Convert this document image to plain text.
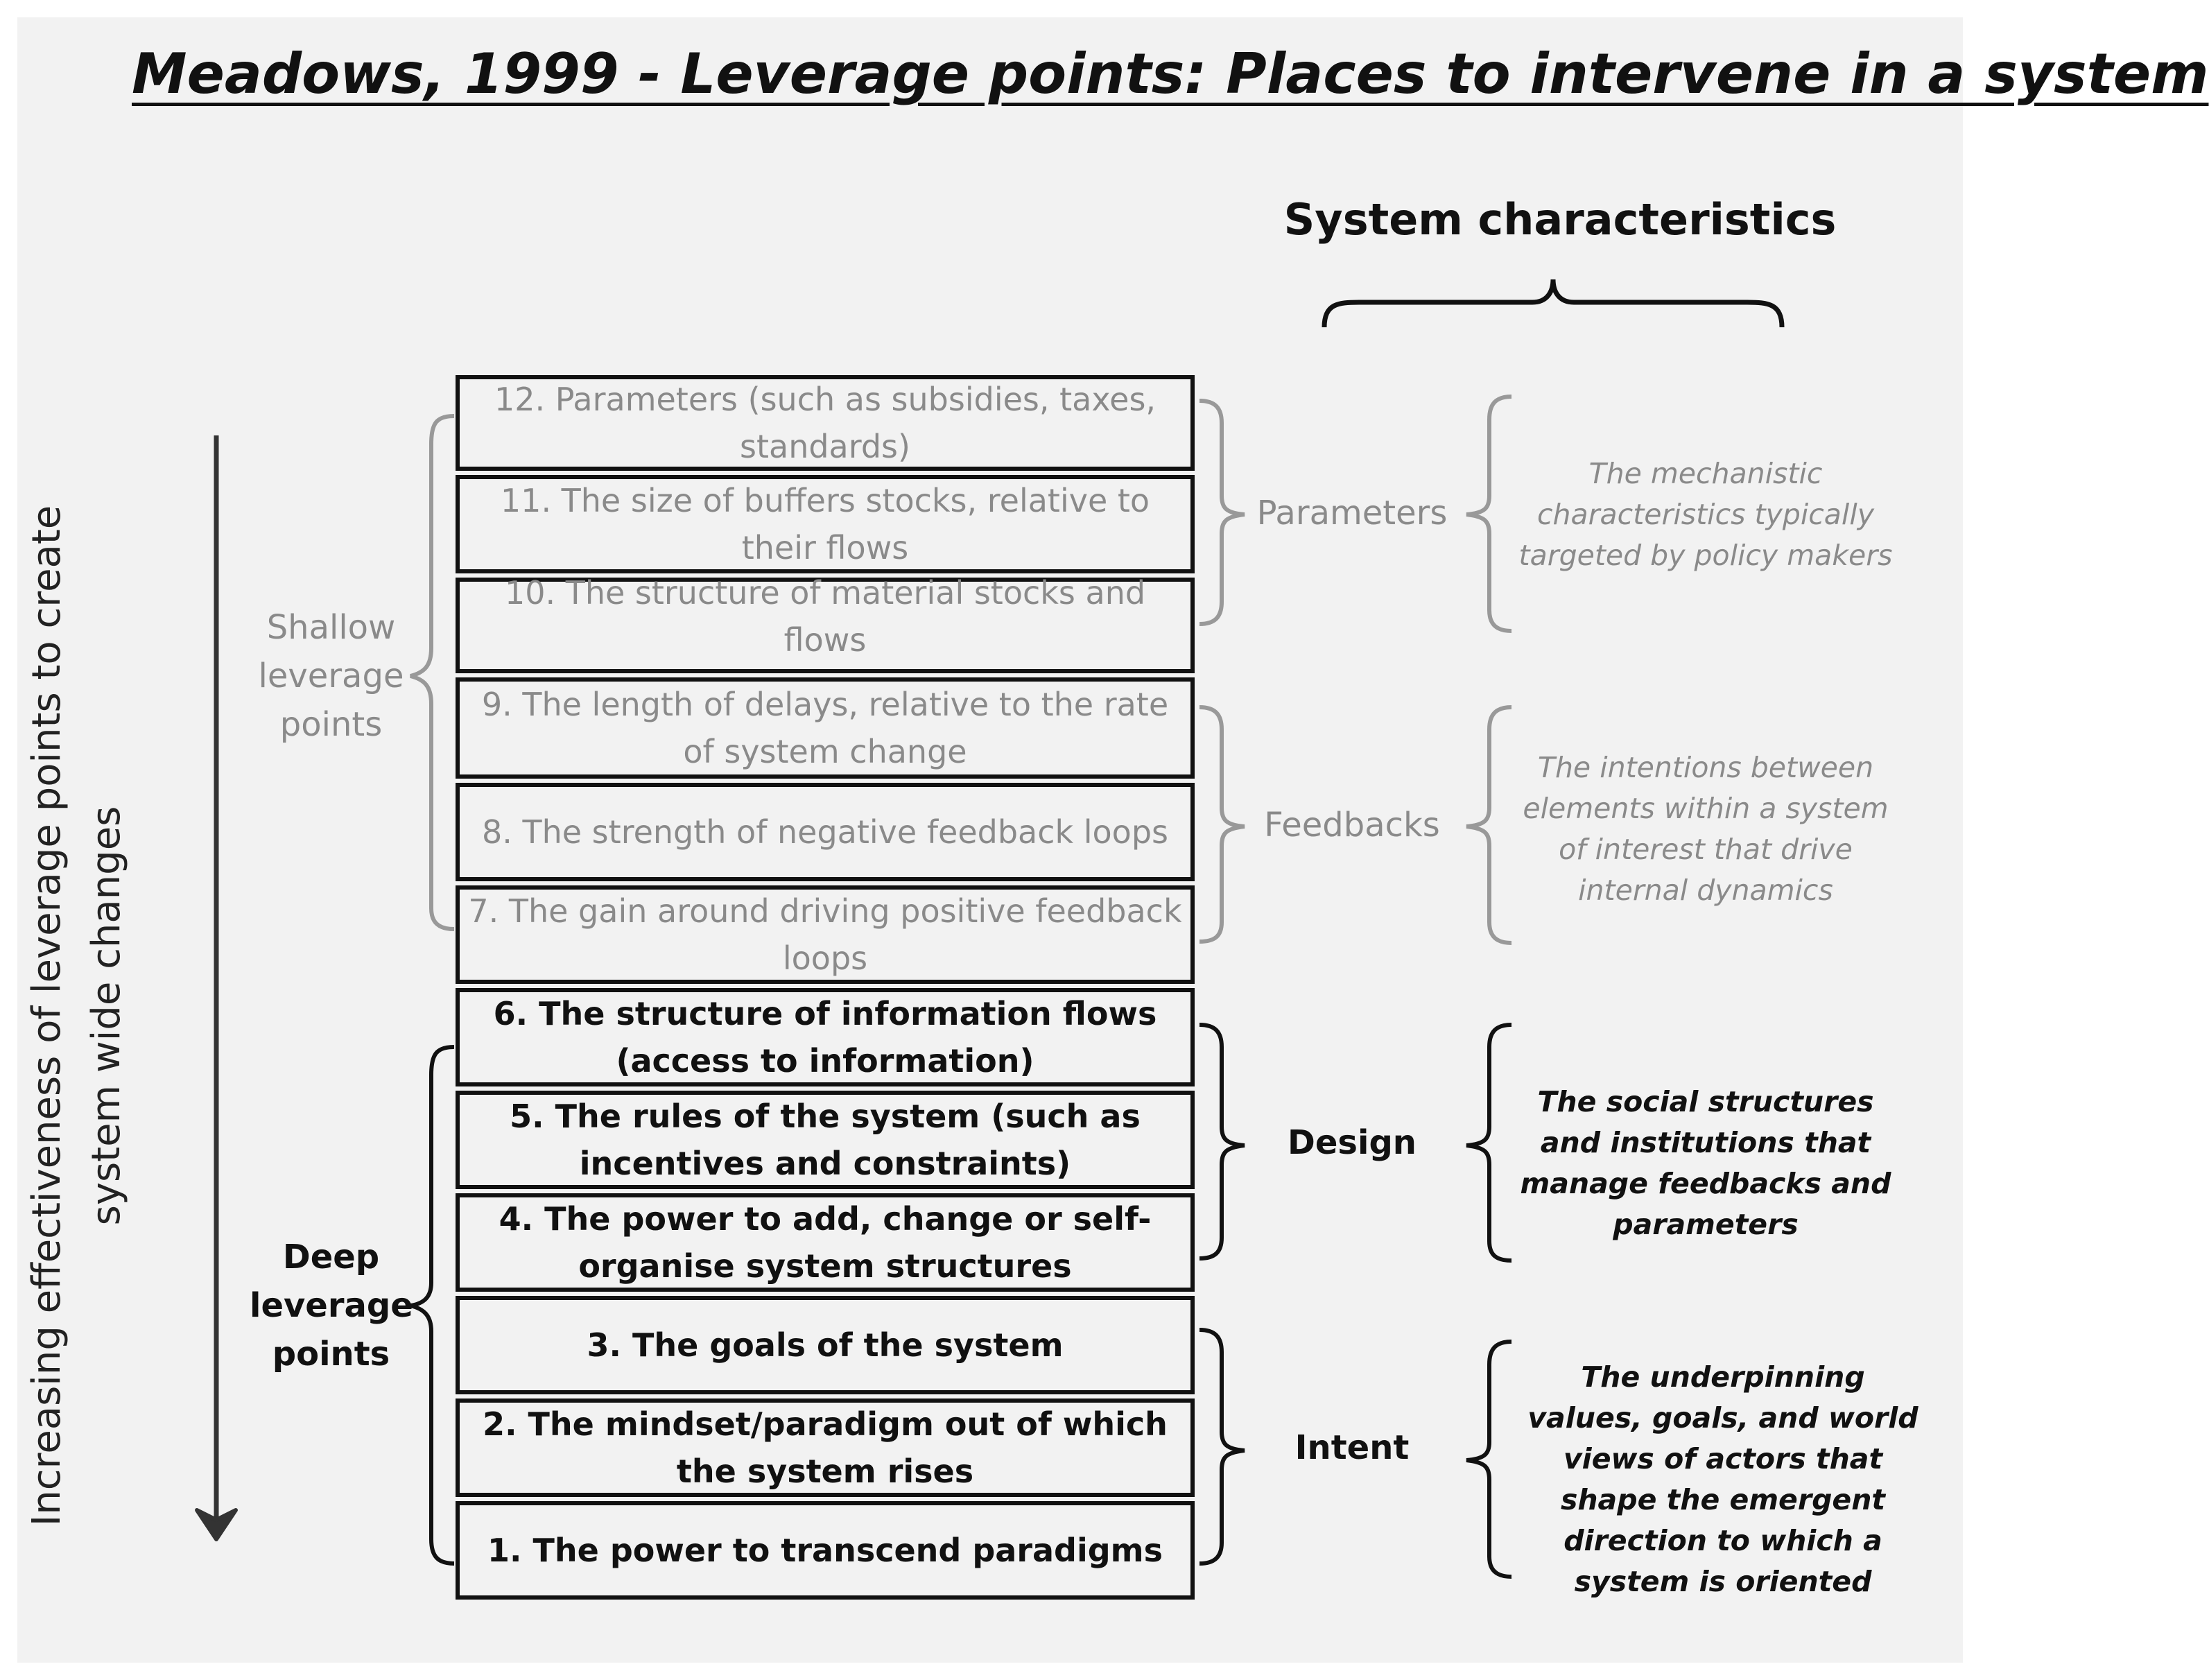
Meadows, 1999 - Leverage points: Places to intervene in a system
System characteristics
Increasing effectiveness of leverage points to create system wide changes
Shallow leverage points
Deep leverage points
12. Parameters (such as subsidies, taxes, standards)
11. The size of buffers stocks, relative to their flows
10. The structure of material stocks and flows
9. The length of delays, relative to the rate of system change
8. The strength of negative feedback loops
7. The gain around driving positive feedback loops
6. The structure of information flows (access to information)
5. The rules of the system (such as incentives and constraints)
4. The power to add, change or self-organise system structures
3. The goals of the system
2. The mindset/paradigm out of which the system rises
1. The power to transcend paradigms
Parameters
Feedbacks
Design
Intent
The mechanistic characteristics typically targeted by policy makers
The intentions between elements within a system of interest that drive internal dynamics
The social structures and institutions that manage feedbacks and parameters
The underpinning values, goals, and world views of actors that shape the emergent direction to which a system is oriented
